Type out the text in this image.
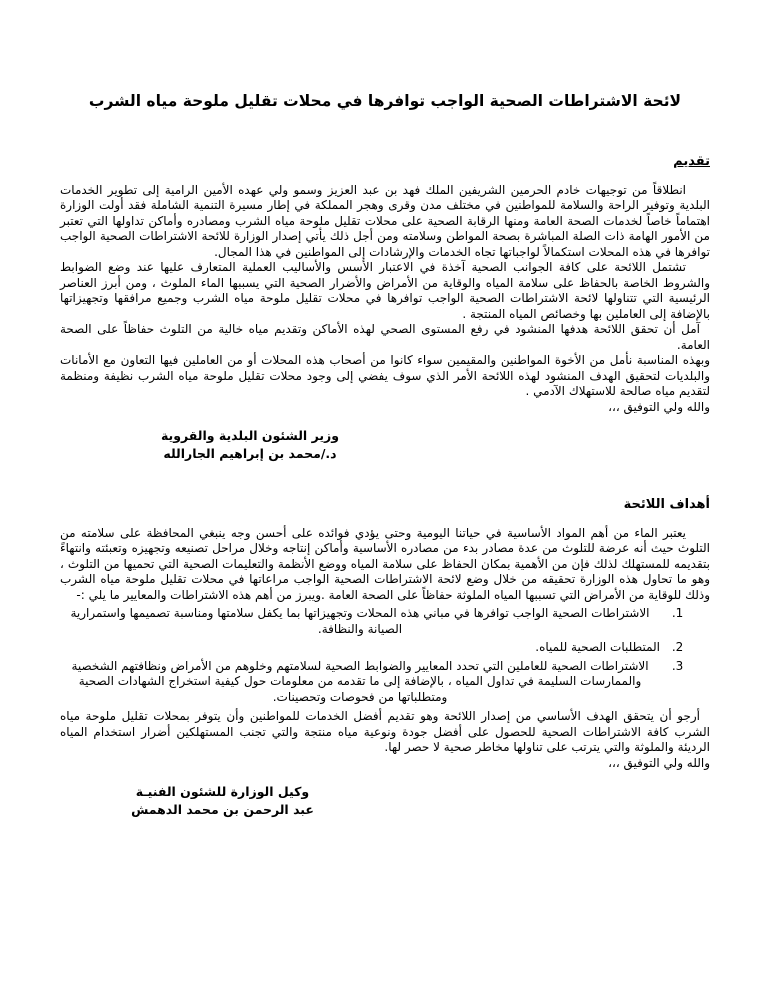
لائحة الاشتراطات الصحية الواجب توافرها في محلات تقليل ملوحة مياه الشرب
تقديم

انطلاقاً من توجيهات خادم الحرمين الشريفين الملك فهد بن عبد العزيز وسمو ولي عهده الأمين الرامية إلى تطوير الخدمات البلدية وتوفير الراحة والسلامة للمواطنين في مختلف مدن وقرى وهجر المملكة في إطار مسيرة التنمية الشاملة فقد أولت الوزارة اهتماماً خاصاً لخدمات الصحة العامة ومنها الرقابة الصحية على محلات تقليل ملوحة مياه الشرب ومصادره وأماكن تداولها التي تعتبر من الأمور الهامة ذات الصلة المباشرة بصحة المواطن وسلامته ومن أجل ذلك يأتي إصدار الوزارة للائحة الاشتراطات الصحية الواجب توافرها في هذه المحلات استكمالاً لواجباتها تجاه الخدمات والإرشادات إلى المواطنين في هذا المجال.

تشتمل اللائحة على كافة الجوانب الصحية آخذة في الاعتبار الأسس والأساليب العملية المتعارف عليها عند وضع الضوابط والشروط الخاصة بالحفاظ على سلامة المياه والوقاية من الأمراض والأضرار الصحية التي يسببها الماء الملوث ، ومن أبرز العناصر الرئيسية التي تتناولها لائحة الاشتراطات الصحية الواجب توافرها في محلات تقليل ملوحة مياه الشرب وجميع مرافقها وتجهيزاتها بالإضافة إلى العاملين بها وخصائص المياه المنتجة .

آمل أن تحقق اللائحة هدفها المنشود في رفع المستوى الصحي لهذه الأماكن وتقديم مياه خالية من التلوث حفاظاً على الصحة العامة.

وبهذه المناسبة نأمل من الأخوة المواطنين والمقيمين سواء كانوا من أصحاب هذه المحلات أو من العاملين فيها التعاون مع الأمانات والبلديات لتحقيق الهدف المنشود لهذه اللائحة الأمر الذي سوف يفضي إلى وجود محلات تقليل ملوحة مياه الشرب نظيفة ومنظمة لتقديم مياه صالحة للاستهلاك الآدمي .

والله ولي التوفيق ،،،

وزير الشئون البلدية والقروية
د./محمد بن إبراهيم الجارالله
أهداف اللائحة

يعتبر الماء من أهم المواد الأساسية في حياتنا اليومية وحتى يؤدي فوائده على أحسن وجه ينبغي المحافظة على سلامته من التلوث حيث أنه عرضة للتلوث من عدة مصادر بدء من مصادره الأساسية وأماكن إنتاجه وخلال مراحل تصنيعه وتجهيزه وتعبئته وانتهاءً بتقديمه للمستهلك لذلك فإن من الأهمية بمكان الحفاظ على سلامة المياه ووضع الأنظمة والتعليمات الصحية التي تحميها من التلوث ، وهو ما تحاول هذه الوزارة تحقيقه من خلال وضع لائحة الاشتراطات الصحية الواجب مراعاتها في محلات تقليل ملوحة مياه الشرب وذلك للوقاية من الأمراض التي تسببها المياه الملوثة حفاظاً على الصحة العامة .ويبرز من أهم هذه الاشتراطات والمعايير ما يلي :-

1. الاشتراطات الصحية الواجب توافرها في مباني هذه المحلات وتجهيزاتها بما يكفل سلامتها ومناسبة تصميمها واستمرارية الصيانة والنظافة.
2. المتطلبات الصحية للمياه.
3. الاشتراطات الصحية للعاملين التي تحدد المعايير والضوابط الصحية لسلامتهم وخلوهم من الأمراض ونظافتهم الشخصية والممارسات السليمة في تداول المياه ، بالإضافة إلى ما تقدمه من معلومات حول كيفية استخراج الشهادات الصحية ومتطلباتها من فحوصات وتحصينات.

أرجو أن يتحقق الهدف الأساسي من إصدار اللائحة وهو تقديم أفضل الخدمات للمواطنين وأن يتوفر بمحلات تقليل ملوحة مياه الشرب كافة الاشتراطات الصحية للحصول على أفضل جودة ونوعية مياه منتجة والتي تجنب المستهلكين أضرار استخدام المياه الرديئة والملوثة والتي يترتب على تناولها مخاطر صحية لا حصر لها.

والله ولي التوفيق ،،،

وكيل الوزارة للشئون الفنيـة
عبد الرحمن بن محمد الدهمش
